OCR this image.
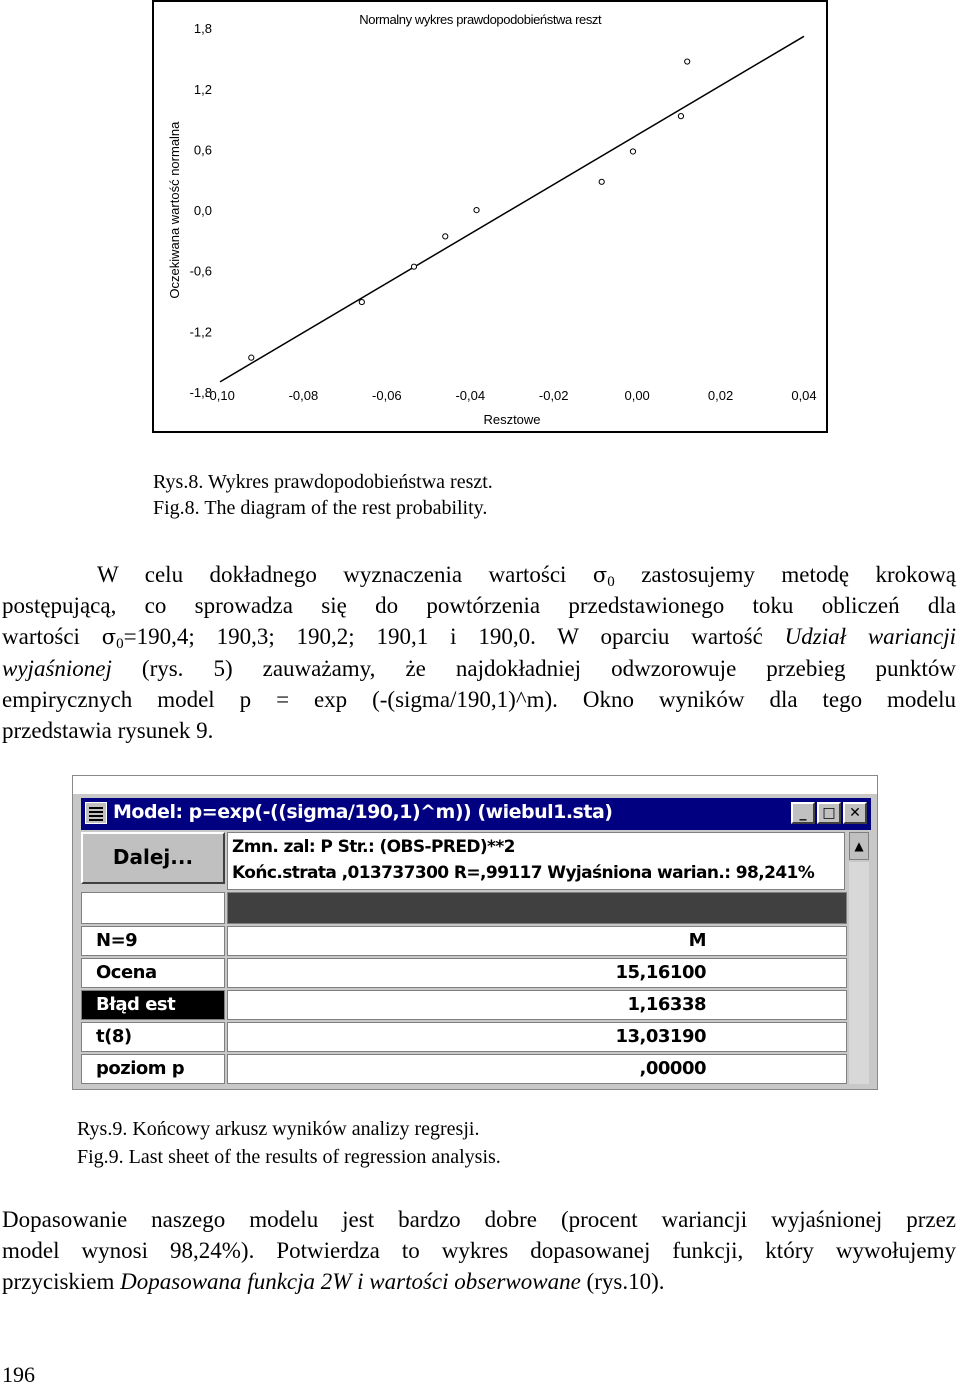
Normalny wykres prawdopodobieństwa reszt
1,8
1,2
0,6
0,0
-0,6
-1,2
-1,8
-0,10	-0,08	-0,06	-0,04	-0,02	0,00	0,02	0,04
Resztowe
Oczekiwana wartość normalna
Rys.8. Wykres prawdopodobieństwa reszt.
Fig.8. The diagram of the rest probability.
W celu dokładnego wyznaczenia wartości $\sigma_0$ zastosujemy metodę krokową
postępującą, co sprowadza się do powtórzenia przedstawionego toku obliczeń dla
wartości $\sigma_0=190,4$; 190,3; 190,2; 190,1 i 190,0. W oparciu wartość Udział wariancji
wyjaśnionej (rys. 5) zauważamy, że najdokładniej odwzorowuje przebieg punktów
empirycznych model p = exp (-(sigma/190,1)^m). Okno wyników dla tego modelu
przedstawia rysunek 9.
Model: p=exp(-((sigma/190,1)^m)) (wiebul1.sta)	_	□ ✕
Dalej...	Zmn. zal: P Str.: (OBS-PRED)**2
Końc.strata ,013737300 R=,99117 Wyjaśniona warian.: 98,241%
▲
N=9	M
Ocena	15,16100
Błąd est	1,16338
t(8)	13,03190
poziom p	,00000
Rys.9. Końcowy arkusz wyników analizy regresji.
Fig.9. Last sheet of the results of regression analysis.
Dopasowanie naszego modelu jest bardzo dobre (procent wariancji wyjaśnionej przez
model wynosi 98,24%). Potwierdza to wykres dopasowanej funkcji, który wywołujemy
przyciskiem Dopasowana funkcja 2W i wartości obserwowane (rys.10).
196
